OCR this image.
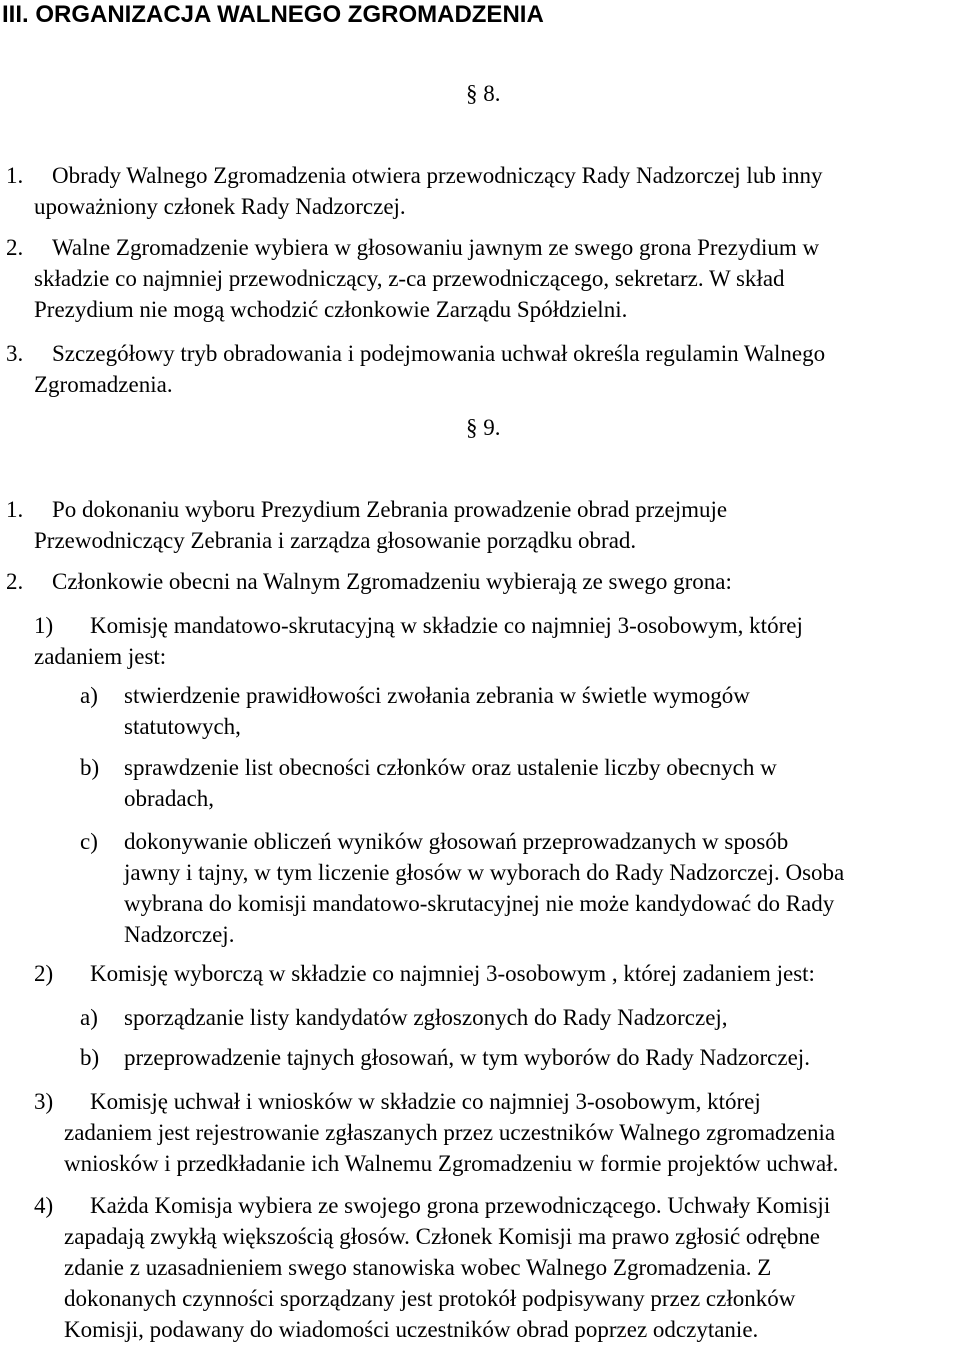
III. ORGANIZACJA WALNEGO ZGROMADZENIA
§ 8.
1. Obrady Walnego Zgromadzenia otwiera przewodniczący Rady Nadzorczej lub inny
upoważniony członek Rady Nadzorczej.
2. Walne Zgromadzenie wybiera w głosowaniu jawnym ze swego grona Prezydium w
składzie co najmniej przewodniczący, z-ca przewodniczącego, sekretarz. W skład
Prezydium nie mogą wchodzić członkowie Zarządu Spółdzielni.
3. Szczegółowy tryb obradowania i podejmowania uchwał określa regulamin Walnego
Zgromadzenia.
§ 9.
1. Po dokonaniu wyboru Prezydium Zebrania prowadzenie obrad przejmuje
Przewodniczący Zebrania i zarządza głosowanie porządku obrad.
2. Członkowie obecni na Walnym Zgromadzeniu wybierają ze swego grona:
1) Komisję mandatowo-skrutacyjną w składzie co najmniej 3-osobowym, której
zadaniem jest:
a) stwierdzenie prawidłowości zwołania zebrania w świetle wymogów
statutowych,
b) sprawdzenie list obecności członków oraz ustalenie liczby obecnych w
obradach,
c) dokonywanie obliczeń wyników głosowań przeprowadzanych w sposób
jawny i tajny, w tym liczenie głosów w wyborach do Rady Nadzorczej. Osoba
wybrana do komisji mandatowo-skrutacyjnej nie może kandydować do Rady
Nadzorczej.
2) Komisję wyborczą w składzie co najmniej 3-osobowym , której zadaniem jest:
a) sporządzanie listy kandydatów zgłoszonych do Rady Nadzorczej,
b) przeprowadzenie tajnych głosowań, w tym wyborów do Rady Nadzorczej.
3) Komisję uchwał i wniosków w składzie co najmniej 3-osobowym, której
zadaniem jest rejestrowanie zgłaszanych przez uczestników Walnego zgromadzenia
wniosków i przedkładanie ich Walnemu Zgromadzeniu w formie projektów uchwał.
4) Każda Komisja wybiera ze swojego grona przewodniczącego. Uchwały Komisji
zapadają zwykłą większością głosów. Członek Komisji ma prawo zgłosić odrębne
zdanie z uzasadnieniem swego stanowiska wobec Walnego Zgromadzenia. Z
dokonanych czynności sporządzany jest protokół podpisywany przez członków
Komisji, podawany do wiadomości uczestników obrad poprzez odczytanie.
